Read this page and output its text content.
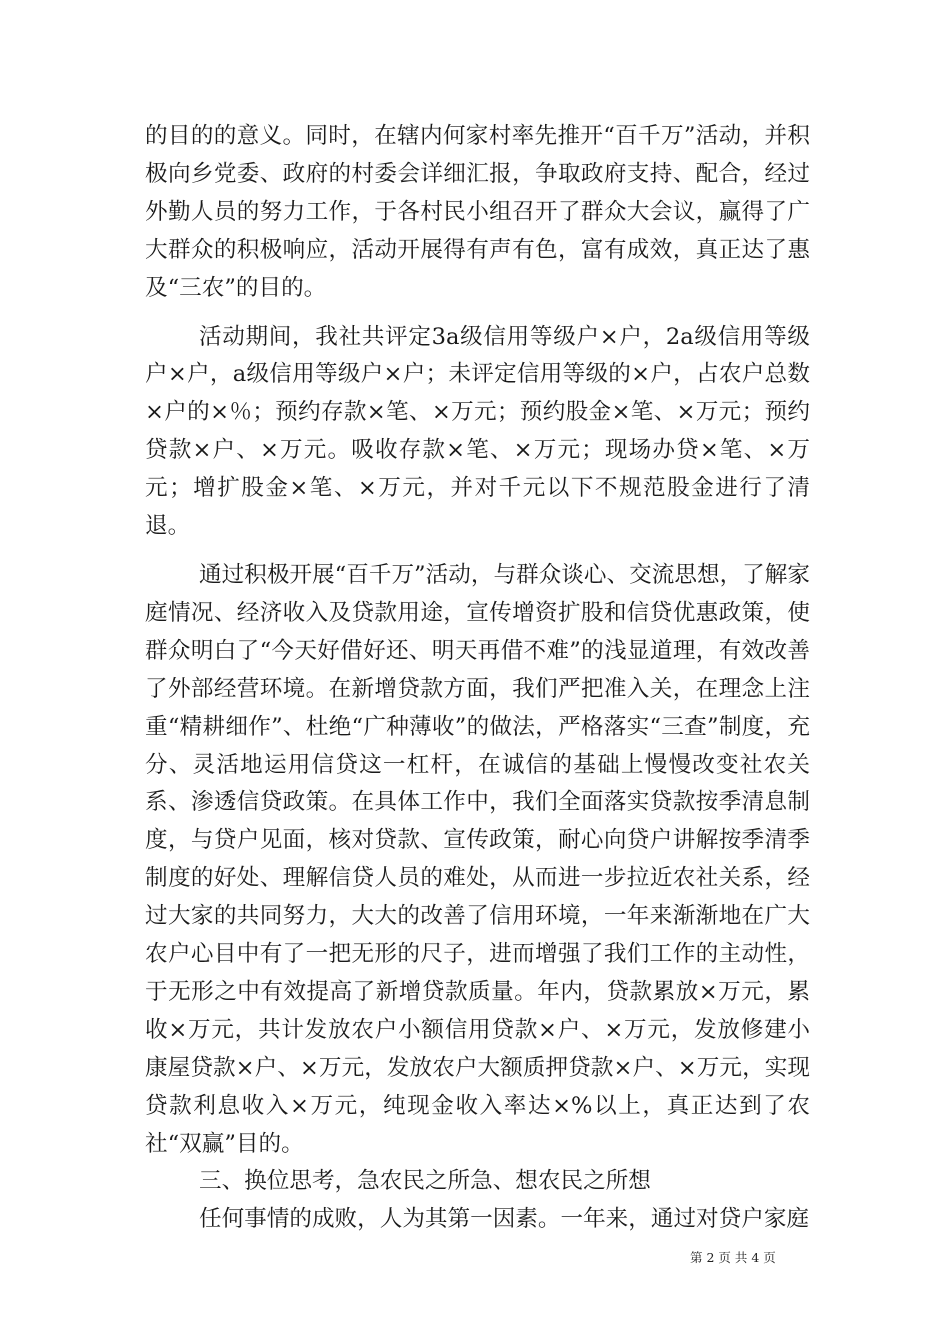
的目的的意义。同时，在辖内何家村率先推开“百千万”活动，并积极向乡党委、政府的村委会详细汇报，争取政府支持、配合，经过外勤人员的努力工作，于各村民小组召开了群众大会议，赢得了广大群众的积极响应，活动开展得有声有色，富有成效，真正达了惠及“三农”的目的。

活动期间，我社共评定3a级信用等级户×户，2a级信用等级户×户，a级信用等级户×户；未评定信用等级的×户，占农户总数×户的×％；预约存款×笔、×万元；预约股金×笔、×万元；预约贷款×户、×万元。吸收存款×笔、×万元；现场办贷×笔、×万元；增扩股金×笔、×万元，并对千元以下不规范股金进行了清退。

通过积极开展“百千万”活动，与群众谈心、交流思想，了解家庭情况、经济收入及贷款用途，宣传增资扩股和信贷优惠政策，使群众明白了“今天好借好还、明天再借不难”的浅显道理，有效改善了外部经营环境。在新增贷款方面，我们严把准入关，在理念上注重“精耕细作”、杜绝“广种薄收”的做法，严格落实“三查”制度，充分、灵活地运用信贷这一杠杆，在诚信的基础上慢慢改变社农关系、渗透信贷政策。在具体工作中，我们全面落实贷款按季清息制度，与贷户见面，核对贷款、宣传政策，耐心向贷户讲解按季清季制度的好处、理解信贷人员的难处，从而进一步拉近农社关系，经过大家的共同努力，大大的改善了信用环境，一年来渐渐地在广大农户心目中有了一把无形的尺子，进而增强了我们工作的主动性，于无形之中有效提高了新增贷款质量。年内，贷款累放×万元，累收×万元，共计发放农户小额信用贷款×户、×万元，发放修建小康屋贷款×户、×万元，发放农户大额质押贷款×户、×万元，实现贷款利息收入×万元，纯现金收入率达×%以上，真正达到了农社“双赢”目的。

三、换位思考，急农民之所急、想农民之所想

任何事情的成败，人为其第一因素。一年来，通过对贷户家庭

第 2 页 共 4 页
